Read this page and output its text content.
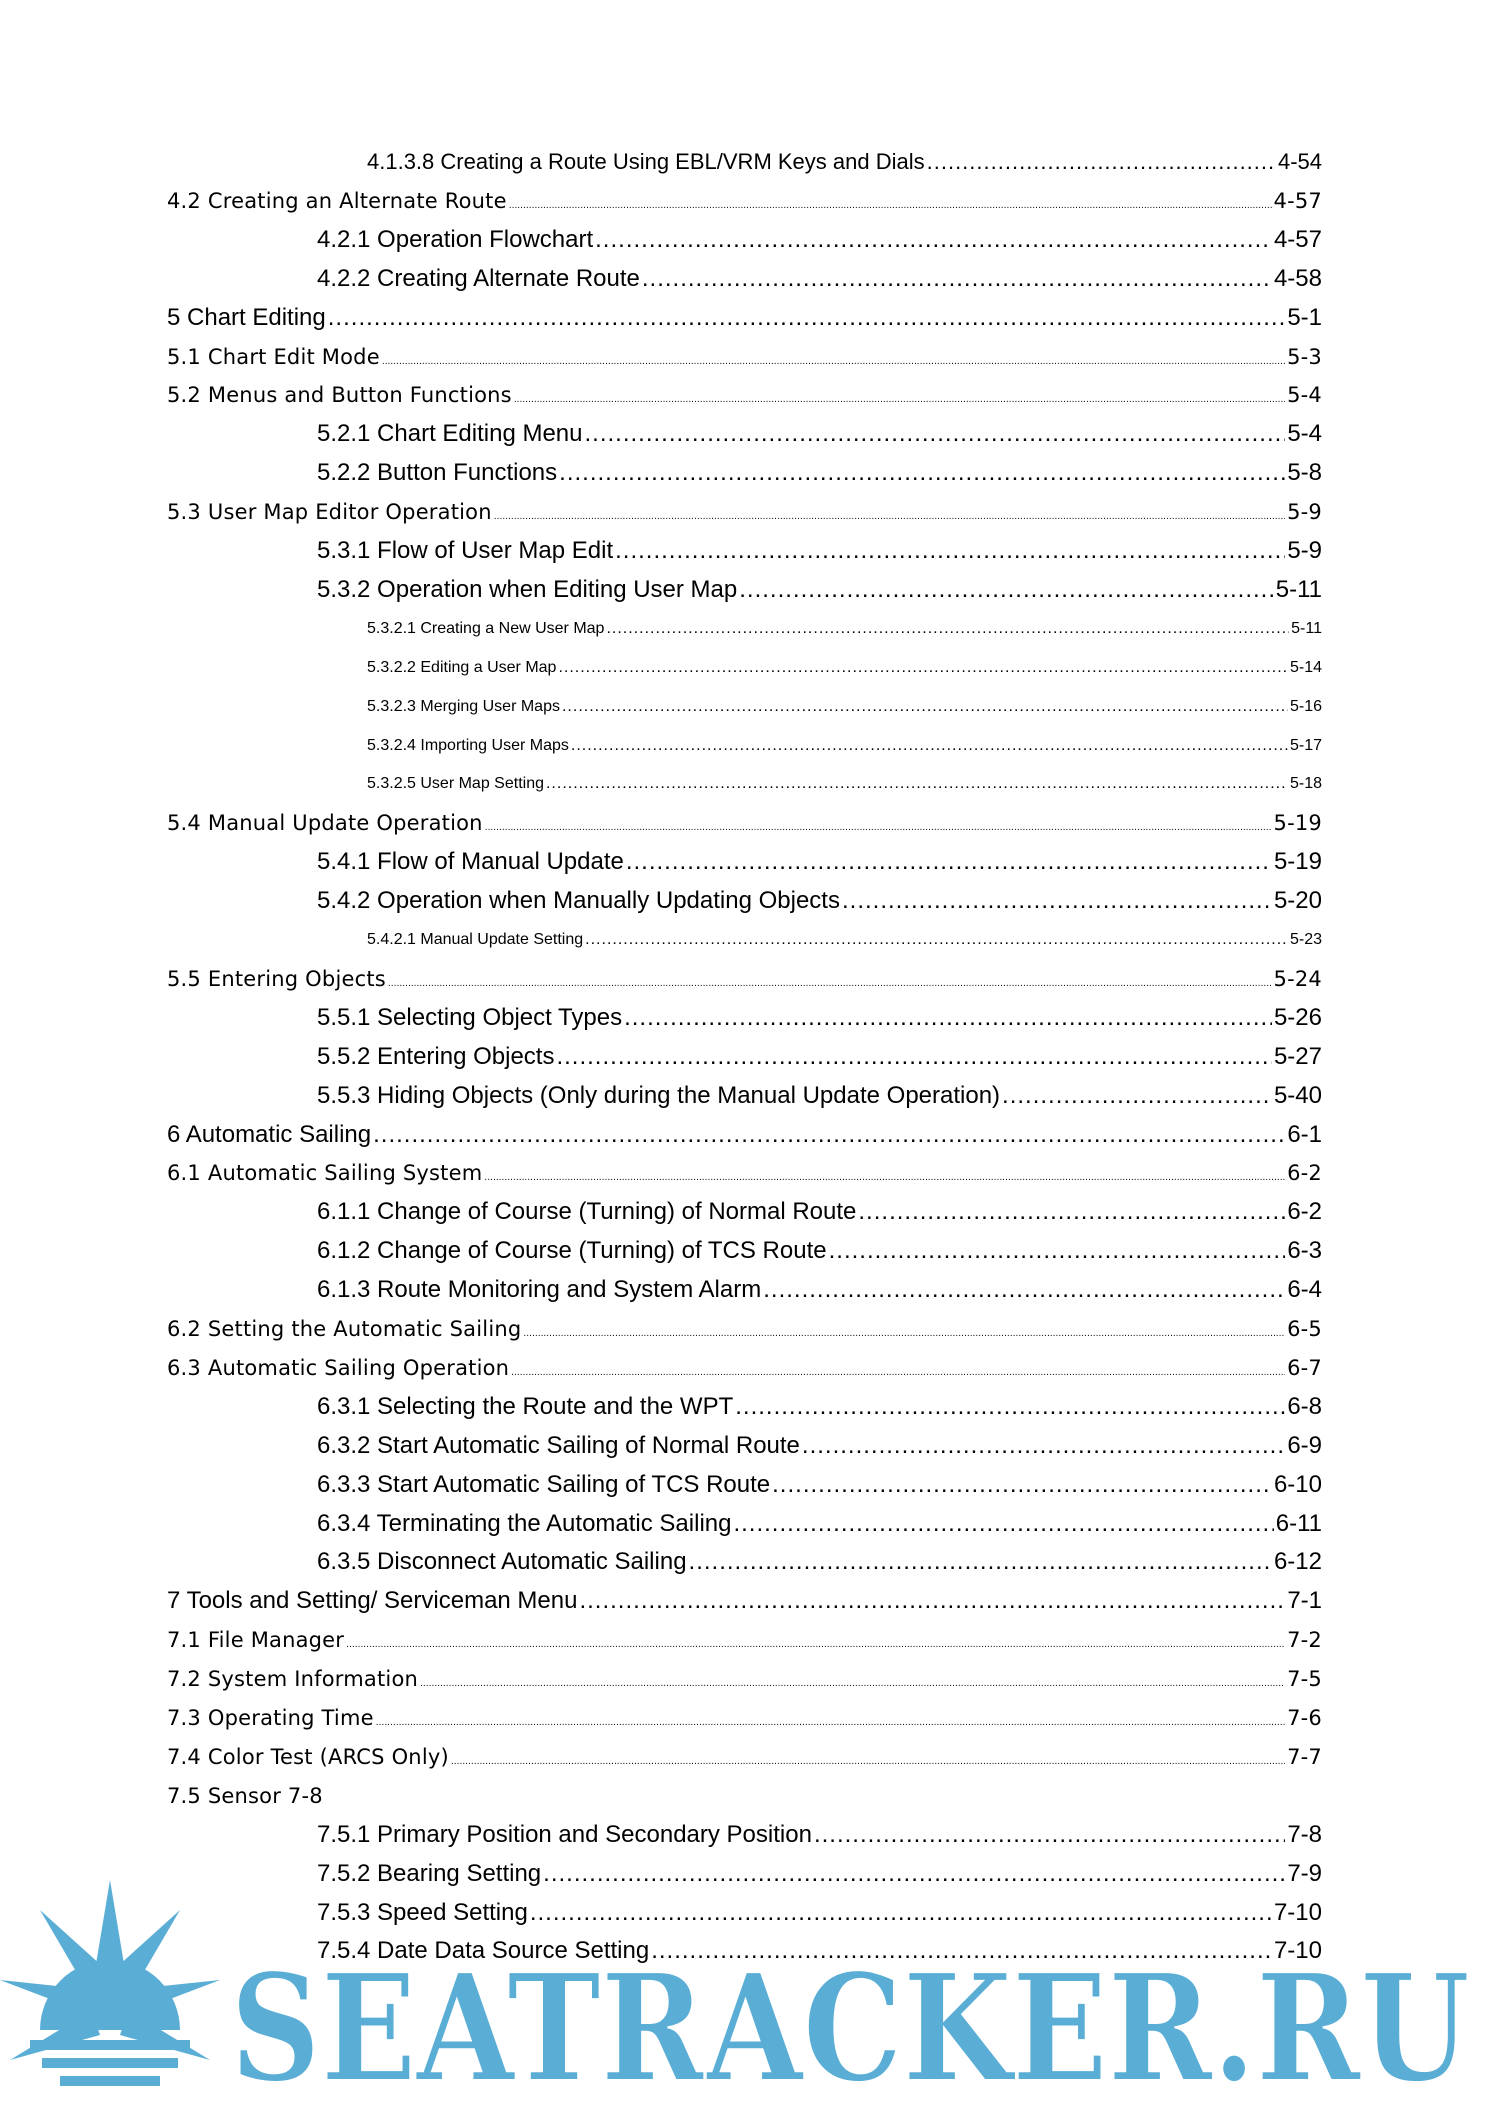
4.1.3.8 Creating a Route Using EBL/VRM Keys and Dials .....	4-54
4.2 Creating an Alternate Route .....	4-57
4.2.1 Operation Flowchart .....	4-57
4.2.2 Creating Alternate Route .....	4-58
5 Chart Editing .....	5-1
5.1 Chart Edit Mode .....	5-3
5.2 Menus and Button Functions .....	5-4
5.2.1 Chart Editing Menu .....	5-4
5.2.2 Button Functions .....	5-8
5.3 User Map Editor Operation .....	5-9
5.3.1 Flow of User Map Edit .....	5-9
5.3.2 Operation when Editing User Map .....	5-11
5.3.2.1 Creating a New User Map .....	5-11
5.3.2.2 Editing a User Map .....	5-14
5.3.2.3 Merging User Maps .....	5-16
5.3.2.4 Importing User Maps .....	5-17
5.3.2.5 User Map Setting .....	5-18
5.4 Manual Update Operation .....	5-19
5.4.1 Flow of Manual Update .....	5-19
5.4.2 Operation when Manually Updating Objects .....	5-20
5.4.2.1 Manual Update Setting .....	5-23
5.5 Entering Objects .....	5-24
5.5.1 Selecting Object Types .....	5-26
5.5.2 Entering Objects .....	5-27
5.5.3 Hiding Objects (Only during the Manual Update Operation) .....	5-40
6 Automatic Sailing .....	6-1
6.1 Automatic Sailing System .....	6-2
6.1.1 Change of Course (Turning) of Normal Route .....	6-2
6.1.2 Change of Course (Turning) of TCS Route .....	6-3
6.1.3 Route Monitoring and System Alarm .....	6-4
6.2 Setting the Automatic Sailing .....	6-5
6.3 Automatic Sailing Operation .....	6-7
6.3.1 Selecting the Route and the WPT .....	6-8
6.3.2 Start Automatic Sailing of Normal Route .....	6-9
6.3.3 Start Automatic Sailing of TCS Route .....	6-10
6.3.4 Terminating the Automatic Sailing .....	6-11
6.3.5 Disconnect Automatic Sailing .....	6-12
7 Tools and Setting/ Serviceman Menu .....	7-1
7.1 File Manager .....	7-2
7.2 System Information .....	7-5
7.3 Operating Time .....	7-6
7.4 Color Test (ARCS Only) .....	7-7
7.5 Sensor 7-8
7.5.1 Primary Position and Secondary Position .....	7-8
7.5.2 Bearing Setting .....	7-9
7.5.3 Speed Setting .....	7-10
7.5.4 Date Data Source Setting .....	7-10
SEATRACKER.RU
